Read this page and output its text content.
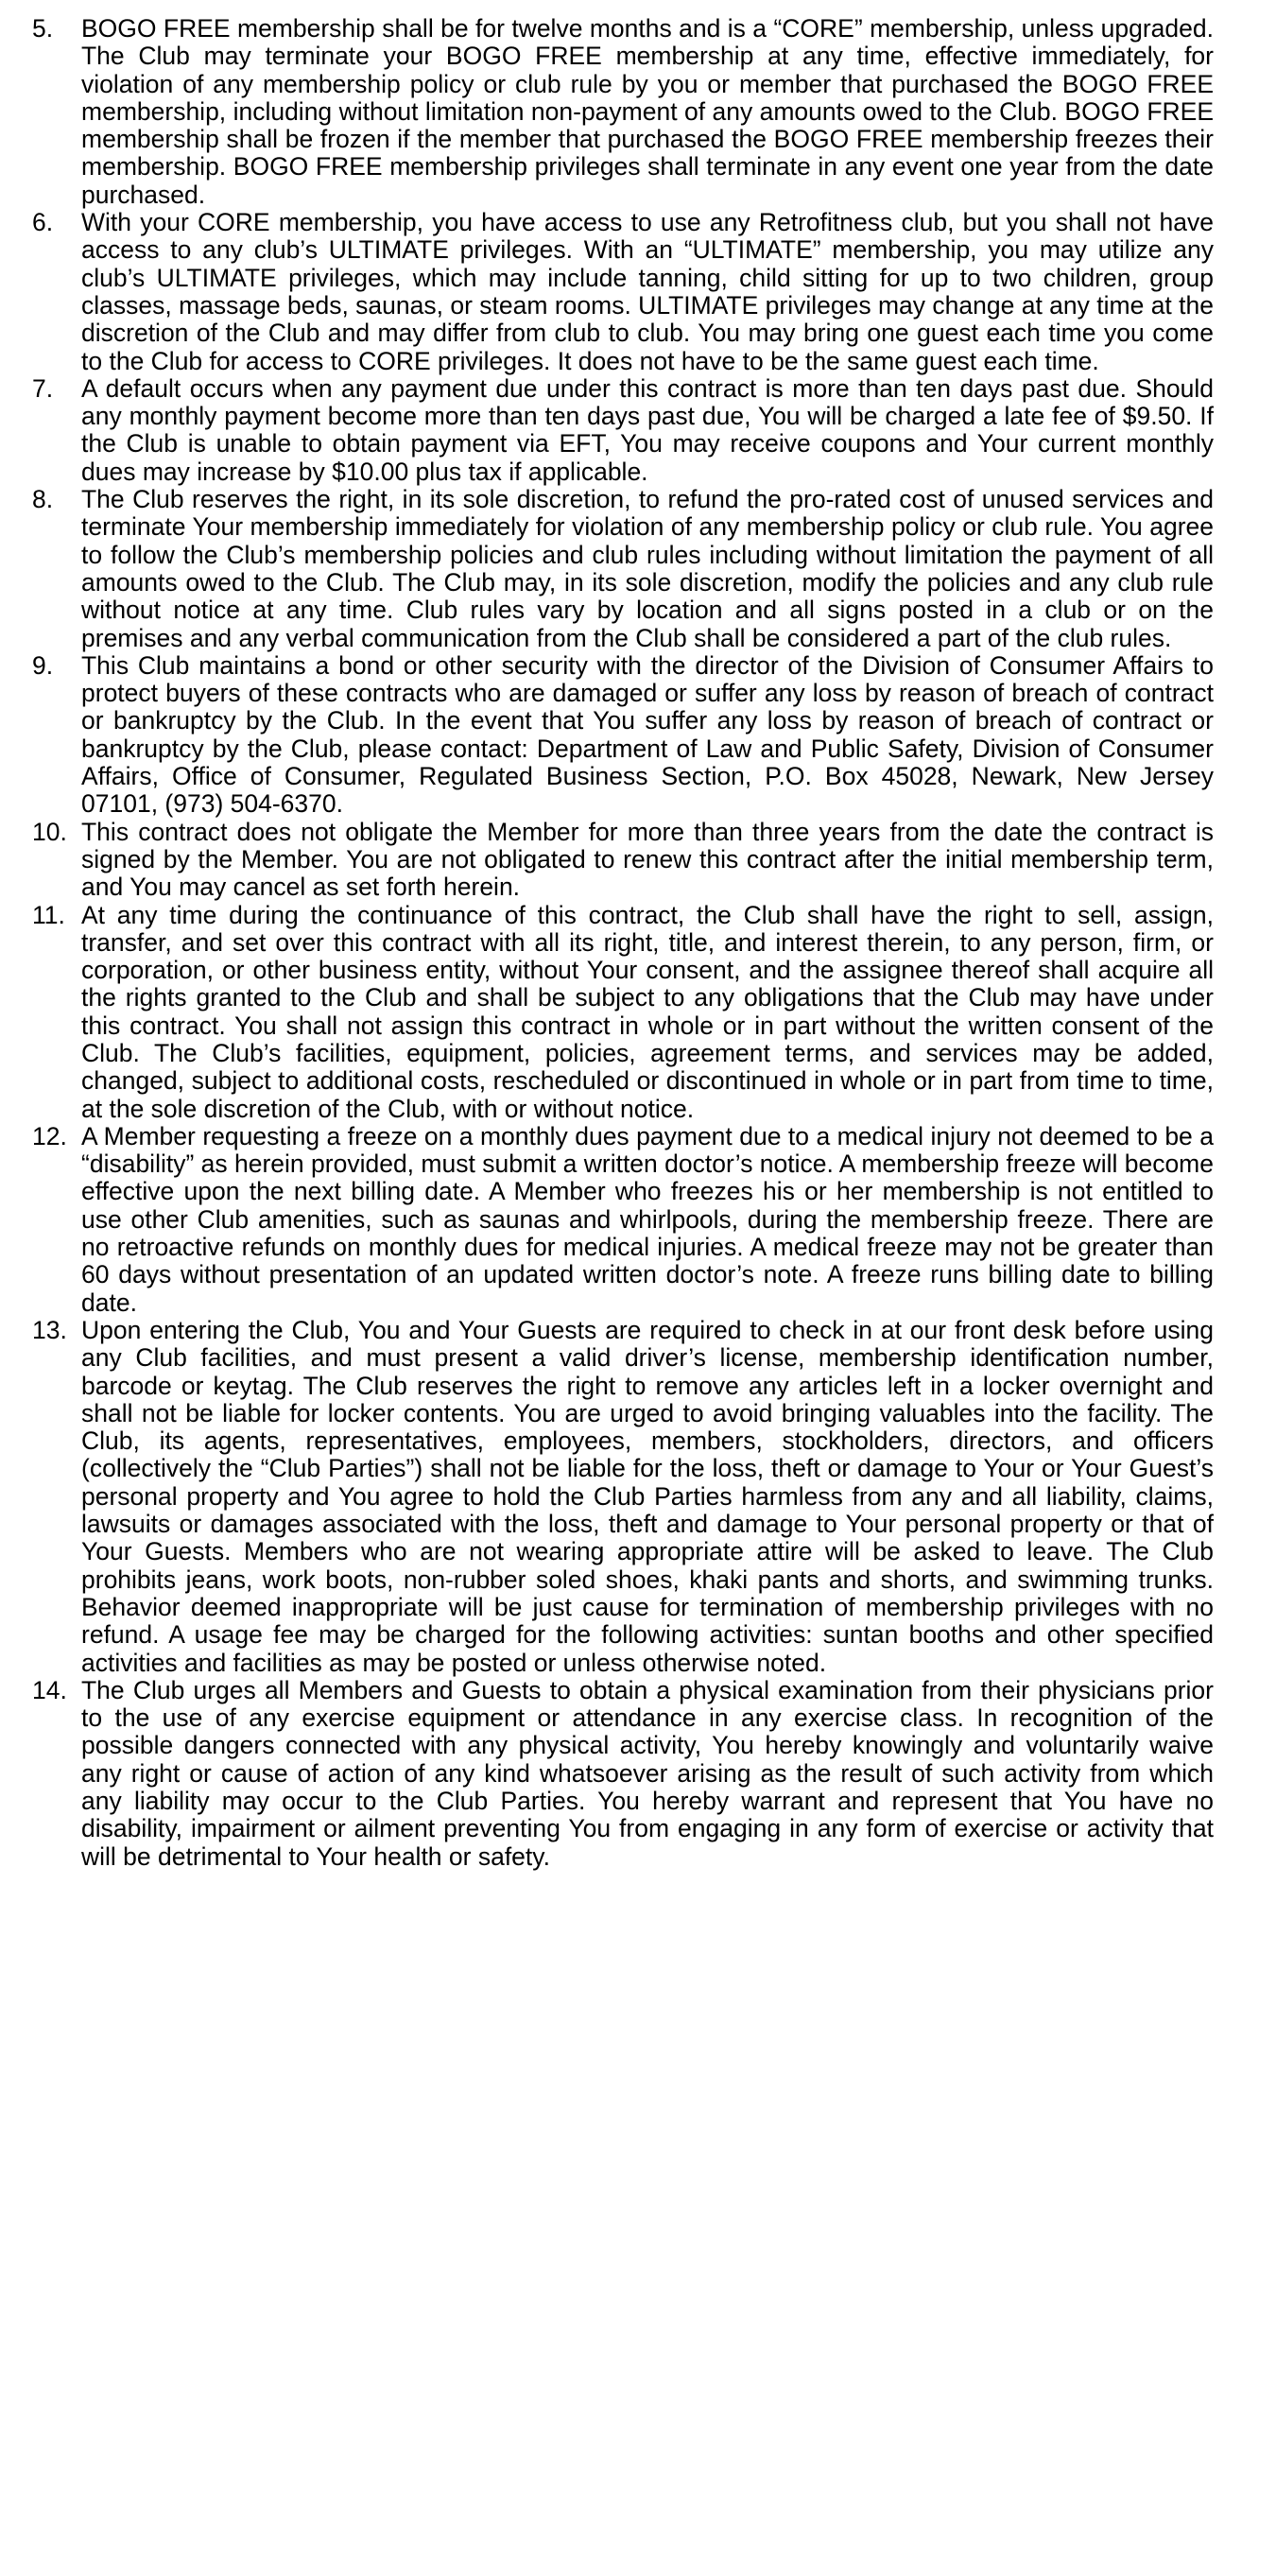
5.	BOGO FREE membership shall be for twelve months and is a “CORE” membership, unless upgraded. The Club may terminate your BOGO FREE membership at any time, effective immediately, for violation of any membership policy or club rule by you or member that purchased the BOGO FREE membership, including without limitation non-payment of any amounts owed to the Club. BOGO FREE membership shall be frozen if the member that purchased the BOGO FREE membership freezes their membership. BOGO FREE membership privileges shall terminate in any event one year from the date purchased.
6.	With your CORE membership, you have access to use any Retrofitness club, but you shall not have access to any club’s ULTIMATE privileges. With an “ULTIMATE” membership, you may utilize any club’s ULTIMATE privileges, which may include tanning, child sitting for up to two children, group classes, massage beds, saunas, or steam rooms. ULTIMATE privileges may change at any time at the discretion of the Club and may differ from club to club. You may bring one guest each time you come to the Club for access to CORE privileges. It does not have to be the same guest each time.
7.	A default occurs when any payment due under this contract is more than ten days past due. Should any monthly payment become more than ten days past due, You will be charged a late fee of $9.50. If the Club is unable to obtain payment via EFT, You may receive coupons and Your current monthly dues may increase by $10.00 plus tax if applicable.
8.	The Club reserves the right, in its sole discretion, to refund the pro-rated cost of unused services and terminate Your membership immediately for violation of any membership policy or club rule. You agree to follow the Club’s membership policies and club rules including without limitation the payment of all amounts owed to the Club. The Club may, in its sole discretion, modify the policies and any club rule without notice at any time. Club rules vary by location and all signs posted in a club or on the premises and any verbal communication from the Club shall be considered a part of the club rules.
9.	This Club maintains a bond or other security with the director of the Division of Consumer Affairs to protect buyers of these contracts who are damaged or suffer any loss by reason of breach of contract or bankruptcy by the Club. In the event that You suffer any loss by reason of breach of contract or bankruptcy by the Club, please contact: Department of Law and Public Safety, Division of Consumer Affairs, Office of Consumer, Regulated Business Section, P.O. Box 45028, Newark, New Jersey 07101, (973) 504-6370.
10. This contract does not obligate the Member for more than three years from the date the contract is signed by the Member. You are not obligated to renew this contract after the initial membership term, and You may cancel as set forth herein.
11. At any time during the continuance of this contract, the Club shall have the right to sell, assign, transfer, and set over this contract with all its right, title, and interest therein, to any person, firm, or corporation, or other business entity, without Your consent, and the assignee thereof shall acquire all the rights granted to the Club and shall be subject to any obligations that the Club may have under this contract. You shall not assign this contract in whole or in part without the written consent of the Club. The Club’s facilities, equipment, policies, agreement terms, and services may be added, changed, subject to additional costs, rescheduled or discontinued in whole or in part from time to time, at the sole discretion of the Club, with or without notice.
12. A Member requesting a freeze on a monthly dues payment due to a medical injury not deemed to be a “disability” as herein provided, must submit a written doctor’s notice. A membership freeze will become effective upon the next billing date. A Member who freezes his or her membership is not entitled to use other Club amenities, such as saunas and whirlpools, during the membership freeze. There are no retroactive refunds on monthly dues for medical injuries. A medical freeze may not be greater than 60 days without presentation of an updated written doctor’s note. A freeze runs billing date to billing date.
13. Upon entering the Club, You and Your Guests are required to check in at our front desk before using any Club facilities, and must present a valid driver’s license, membership identification number, barcode or keytag. The Club reserves the right to remove any articles left in a locker overnight and shall not be liable for locker contents. You are urged to avoid bringing valuables into the facility. The Club, its agents, representatives, employees, members, stockholders, directors, and officers (collectively the “Club Parties”) shall not be liable for the loss, theft or damage to Your or Your Guest’s personal property and You agree to hold the Club Parties harmless from any and all liability, claims, lawsuits or damages associated with the loss, theft and damage to Your personal property or that of Your Guests. Members who are not wearing appropriate attire will be asked to leave. The Club prohibits jeans, work boots, non-rubber soled shoes, khaki pants and shorts, and swimming trunks. Behavior deemed inappropriate will be just cause for termination of membership privileges with no refund. A usage fee may be charged for the following activities: suntan booths and other specified activities and facilities as may be posted or unless otherwise noted.
14. The Club urges all Members and Guests to obtain a physical examination from their physicians prior to the use of any exercise equipment or attendance in any exercise class. In recognition of the possible dangers connected with any physical activity, You hereby knowingly and voluntarily waive any right or cause of action of any kind whatsoever arising as the result of such activity from which any liability may occur to the Club Parties. You hereby warrant and represent that You have no disability, impairment or ailment preventing You from engaging in any form of exercise or activity that will be detrimental to Your health or safety.
